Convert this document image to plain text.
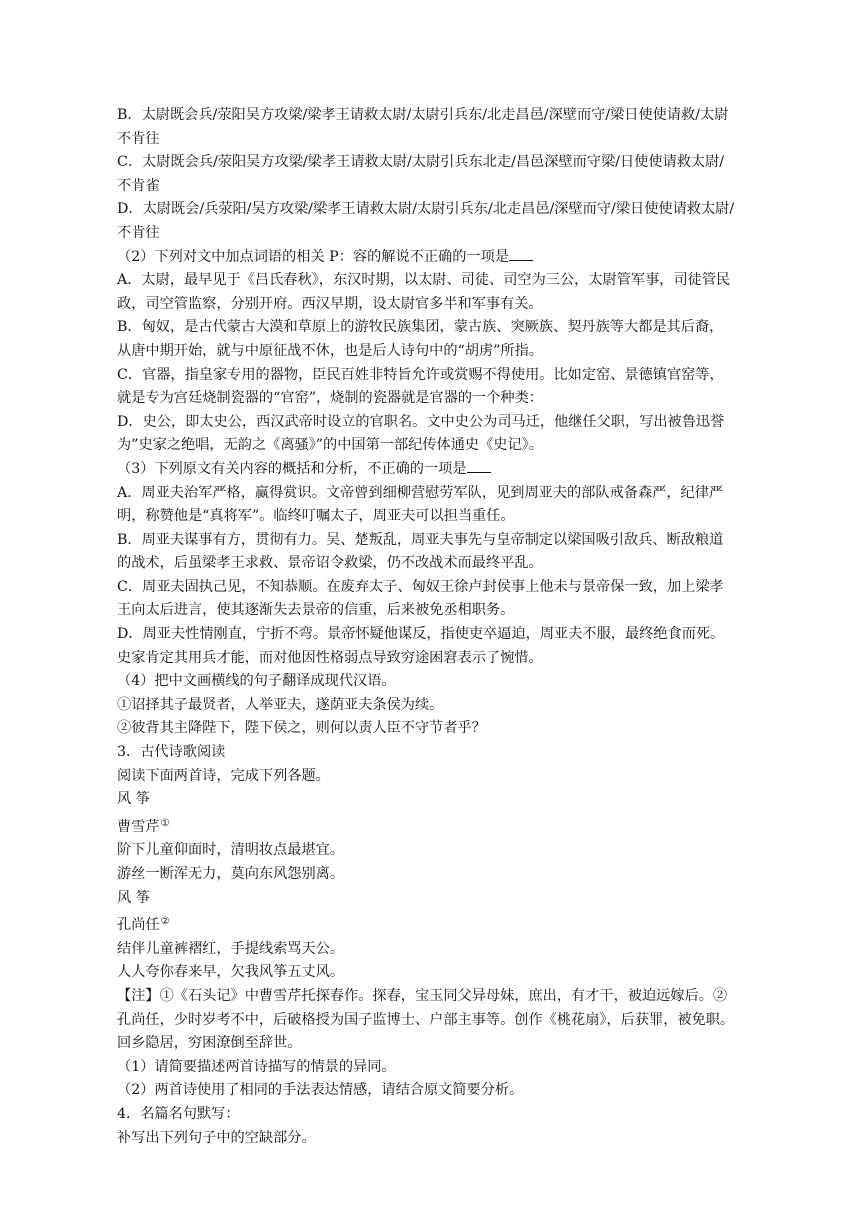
B．太尉既会兵/荥阳吴方攻梁/梁孝王请救太尉/太尉引兵东/北走昌邑/深壁而守/梁日使使请救/太尉不肯往

C．太尉既会兵/荥阳吴方攻梁/梁孝王请救太尉/太尉引兵东北走/昌邑深壁而守梁/日使使请救太尉/不肯雀

D．太尉既会/兵荥阳/吴方攻梁/梁孝王请救太尉/太尉引兵东/北走昌邑/深壁而守/梁日使使请救太尉/不肯往

（2）下列对文中加点词语的相关 P：容的解说不正确的一项是

A．太尉，最早见于《吕氏春秋》，东汉时期，以太尉、司徒、司空为三公，太尉管军事，司徒管民政，司空管监察，分别开府。西汉早期，设太尉官多半和军事有关。

B．匈奴，是古代蒙古大漠和草原上的游牧民族集团，蒙古族、突厥族、契丹族等大都是其后裔，从唐中期开始，就与中原征战不休，也是后人诗句中的“胡虏”所指。

C．官器，指皇家专用的器物，臣民百姓非特旨允许或赏赐不得使用。比如定窑、景德镇官窑等，就是专为宫廷烧制瓷器的“官窑”，烧制的瓷器就是官器的一个种类：

D．史公，即太史公，西汉武帝时设立的官职名。文中史公为司马迁，他继任父职，写出被鲁迅誉为”史家之绝唱，无韵之《离骚》”的中国第一部纪传体通史《史记》。

（3）下列原文有关内容的概括和分析，不正确的一项是

A．周亚夫治军严格，赢得赏识。文帝曾到细柳营慰劳军队，见到周亚夫的部队戒备森严，纪律严明，称赞他是“真将军”。临终叮嘱太子，周亚夫可以担当重任。

B．周亚夫谋事有方，贯彻有力。吴、楚叛乱，周亚夫事先与皇帝制定以梁国吸引敌兵、断敌粮道的战术，后虽梁孝王求救、景帝诏令救梁，仍不改战术而最终平乱。

C．周亚夫固执己见，不知恭顺。在废弃太子、匈奴王徐卢封侯事上他未与景帝保一致，加上梁孝王向太后进言，使其逐渐失去景帝的信重，后来被免丞相职务。

D．周亚夫性情刚直，宁折不弯。景帝怀疑他谋反，指使吏卒逼迫，周亚夫不服，最终绝食而死。史家肯定其用兵才能，而对他因性格弱点导致穷途困窘表示了惋惜。

（4）把中文画横线的句子翻译成现代汉语。

①诏择其子最贤者，人举亚夫，遂荫亚夫条侯为续。

②彼背其主降陛下，陛下侯之，则何以责人臣不守节者乎？

3．古代诗歌阅读

阅读下面两首诗，完成下列各题。

风 筝

曹雪芹①

阶下儿童仰面时，清明妆点最堪宜。

游丝一断浑无力，莫向东风怨别离。

风 筝

孔尚任②

结伴儿童裤褶红，手提线索骂天公。

人人夸你春来早，欠我风筝五丈风。

【注】①《石头记》中曹雪芹托探春作。探春，宝玉同父异母妹，庶出，有才干，被迫远嫁后。②孔尚任，少时岁考不中，后破格授为国子监博士、户部主事等。创作《桃花扇》，后获罪，被免职。回乡隐居，穷困潦倒至辞世。

（1）请简要描述两首诗描写的情景的异同。

（2）两首诗使用了相同的手法表达情感，请结合原文简要分析。

4．名篇名句默写：

补写出下列句子中的空缺部分。
